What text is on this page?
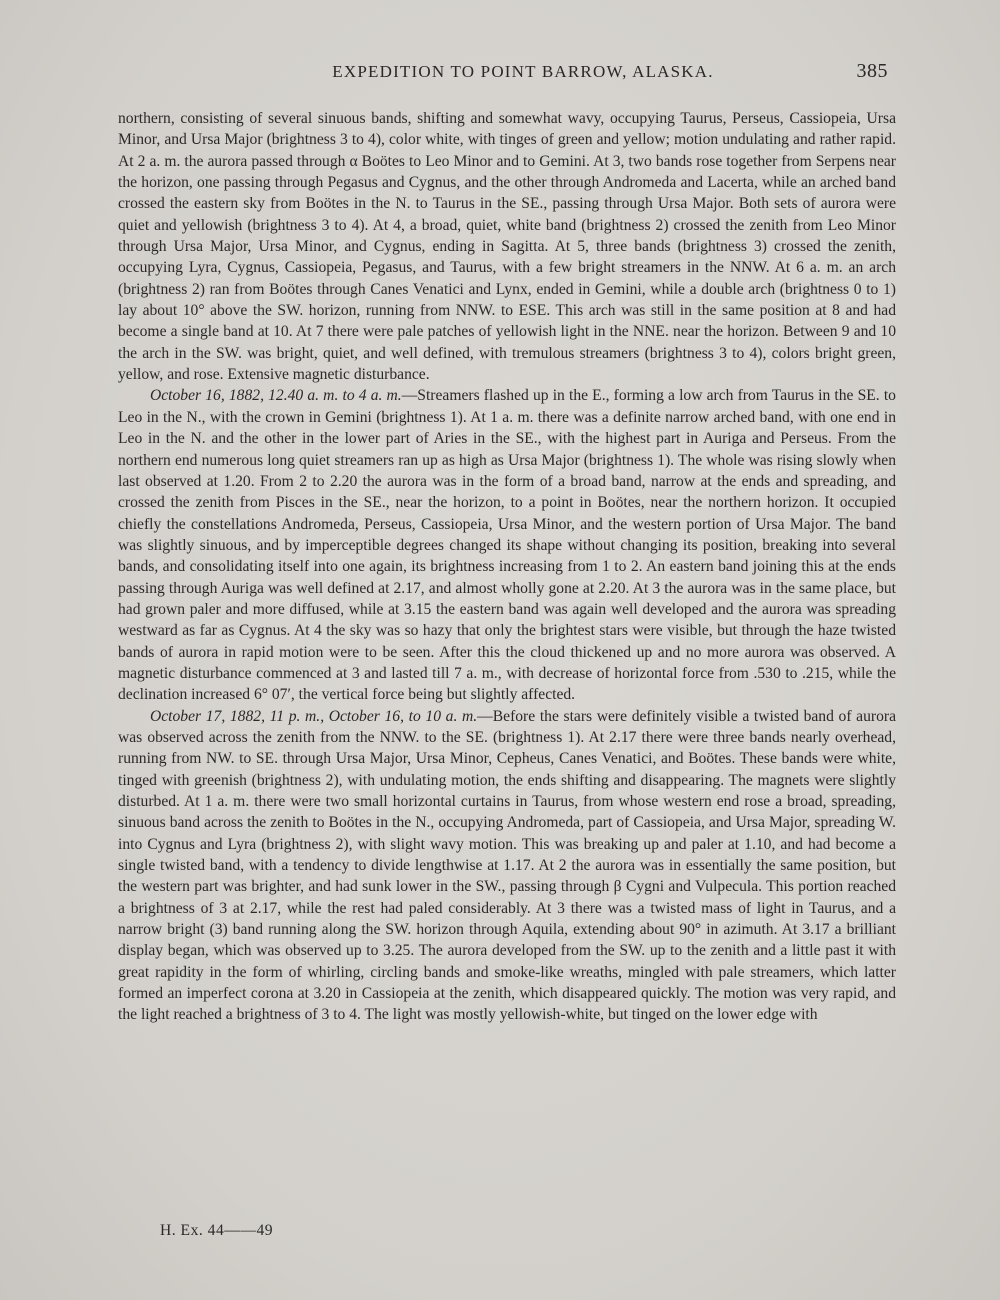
EXPEDITION TO POINT BARROW, ALASKA.	385

northern, consisting of several sinuous bands, shifting and somewhat wavy, occupying Taurus, Perseus, Cassiopeia, Ursa Minor, and Ursa Major (brightness 3 to 4), color white, with tinges of green and yellow; motion undulating and rather rapid. At 2 a. m. the aurora passed through α Boötes to Leo Minor and to Gemini. At 3, two bands rose together from Serpens near the horizon, one passing through Pegasus and Cygnus, and the other through Andromeda and Lacerta, while an arched band crossed the eastern sky from Boötes in the N. to Taurus in the SE., passing through Ursa Major. Both sets of aurora were quiet and yellowish (brightness 3 to 4). At 4, a broad, quiet, white band (brightness 2) crossed the zenith from Leo Minor through Ursa Major, Ursa Minor, and Cygnus, ending in Sagitta. At 5, three bands (brightness 3) crossed the zenith, occupying Lyra, Cygnus, Cassiopeia, Pegasus, and Taurus, with a few bright streamers in the NNW. At 6 a. m. an arch (brightness 2) ran from Boötes through Canes Venatici and Lynx, ended in Gemini, while a double arch (brightness 0 to 1) lay about 10° above the SW. horizon, running from NNW. to ESE. This arch was still in the same position at 8 and had become a single band at 10. At 7 there were pale patches of yellowish light in the NNE. near the horizon. Between 9 and 10 the arch in the SW. was bright, quiet, and well defined, with tremulous streamers (brightness 3 to 4), colors bright green, yellow, and rose. Extensive magnetic disturbance.

October 16, 1882, 12.40 a. m. to 4 a. m.—Streamers flashed up in the E., forming a low arch from Taurus in the SE. to Leo in the N., with the crown in Gemini (brightness 1). At 1 a. m. there was a definite narrow arched band, with one end in Leo in the N. and the other in the lower part of Aries in the SE., with the highest part in Auriga and Perseus. From the northern end numerous long quiet streamers ran up as high as Ursa Major (brightness 1). The whole was rising slowly when last observed at 1.20. From 2 to 2.20 the aurora was in the form of a broad band, narrow at the ends and spreading, and crossed the zenith from Pisces in the SE., near the horizon, to a point in Boötes, near the northern horizon. It occupied chiefly the constellations Andromeda, Perseus, Cassiopeia, Ursa Minor, and the western portion of Ursa Major. The band was slightly sinuous, and by imperceptible degrees changed its shape without changing its position, breaking into several bands, and consolidating itself into one again, its brightness increasing from 1 to 2. An eastern band joining this at the ends passing through Auriga was well defined at 2.17, and almost wholly gone at 2.20. At 3 the aurora was in the same place, but had grown paler and more diffused, while at 3.15 the eastern band was again well developed and the aurora was spreading westward as far as Cygnus. At 4 the sky was so hazy that only the brightest stars were visible, but through the haze twisted bands of aurora in rapid motion were to be seen. After this the cloud thickened up and no more aurora was observed. A magnetic disturbance commenced at 3 and lasted till 7 a. m., with decrease of horizontal force from .530 to .215, while the declination increased 6° 07′, the vertical force being but slightly affected.

October 17, 1882, 11 p. m., October 16, to 10 a. m.—Before the stars were definitely visible a twisted band of aurora was observed across the zenith from the NNW. to the SE. (brightness 1). At 2.17 there were three bands nearly overhead, running from NW. to SE. through Ursa Major, Ursa Minor, Cepheus, Canes Venatici, and Boötes. These bands were white, tinged with greenish (brightness 2), with undulating motion, the ends shifting and disappearing. The magnets were slightly disturbed. At 1 a. m. there were two small horizontal curtains in Taurus, from whose western end rose a broad, spreading, sinuous band across the zenith to Boötes in the N., occupying Andromeda, part of Cassiopeia, and Ursa Major, spreading W. into Cygnus and Lyra (brightness 2), with slight wavy motion. This was breaking up and paler at 1.10, and had become a single twisted band, with a tendency to divide lengthwise at 1.17. At 2 the aurora was in essentially the same position, but the western part was brighter, and had sunk lower in the SW., passing through β Cygni and Vulpecula. This portion reached a brightness of 3 at 2.17, while the rest had paled considerably. At 3 there was a twisted mass of light in Taurus, and a narrow bright (3) band running along the SW. horizon through Aquila, extending about 90° in azimuth. At 3.17 a brilliant display began, which was observed up to 3.25. The aurora developed from the SW. up to the zenith and a little past it with great rapidity in the form of whirling, circling bands and smoke-like wreaths, mingled with pale streamers, which latter formed an imperfect corona at 3.20 in Cassiopeia at the zenith, which disappeared quickly. The motion was very rapid, and the light reached a brightness of 3 to 4. The light was mostly yellowish-white, but tinged on the lower edge with

H. Ex. 44——49
